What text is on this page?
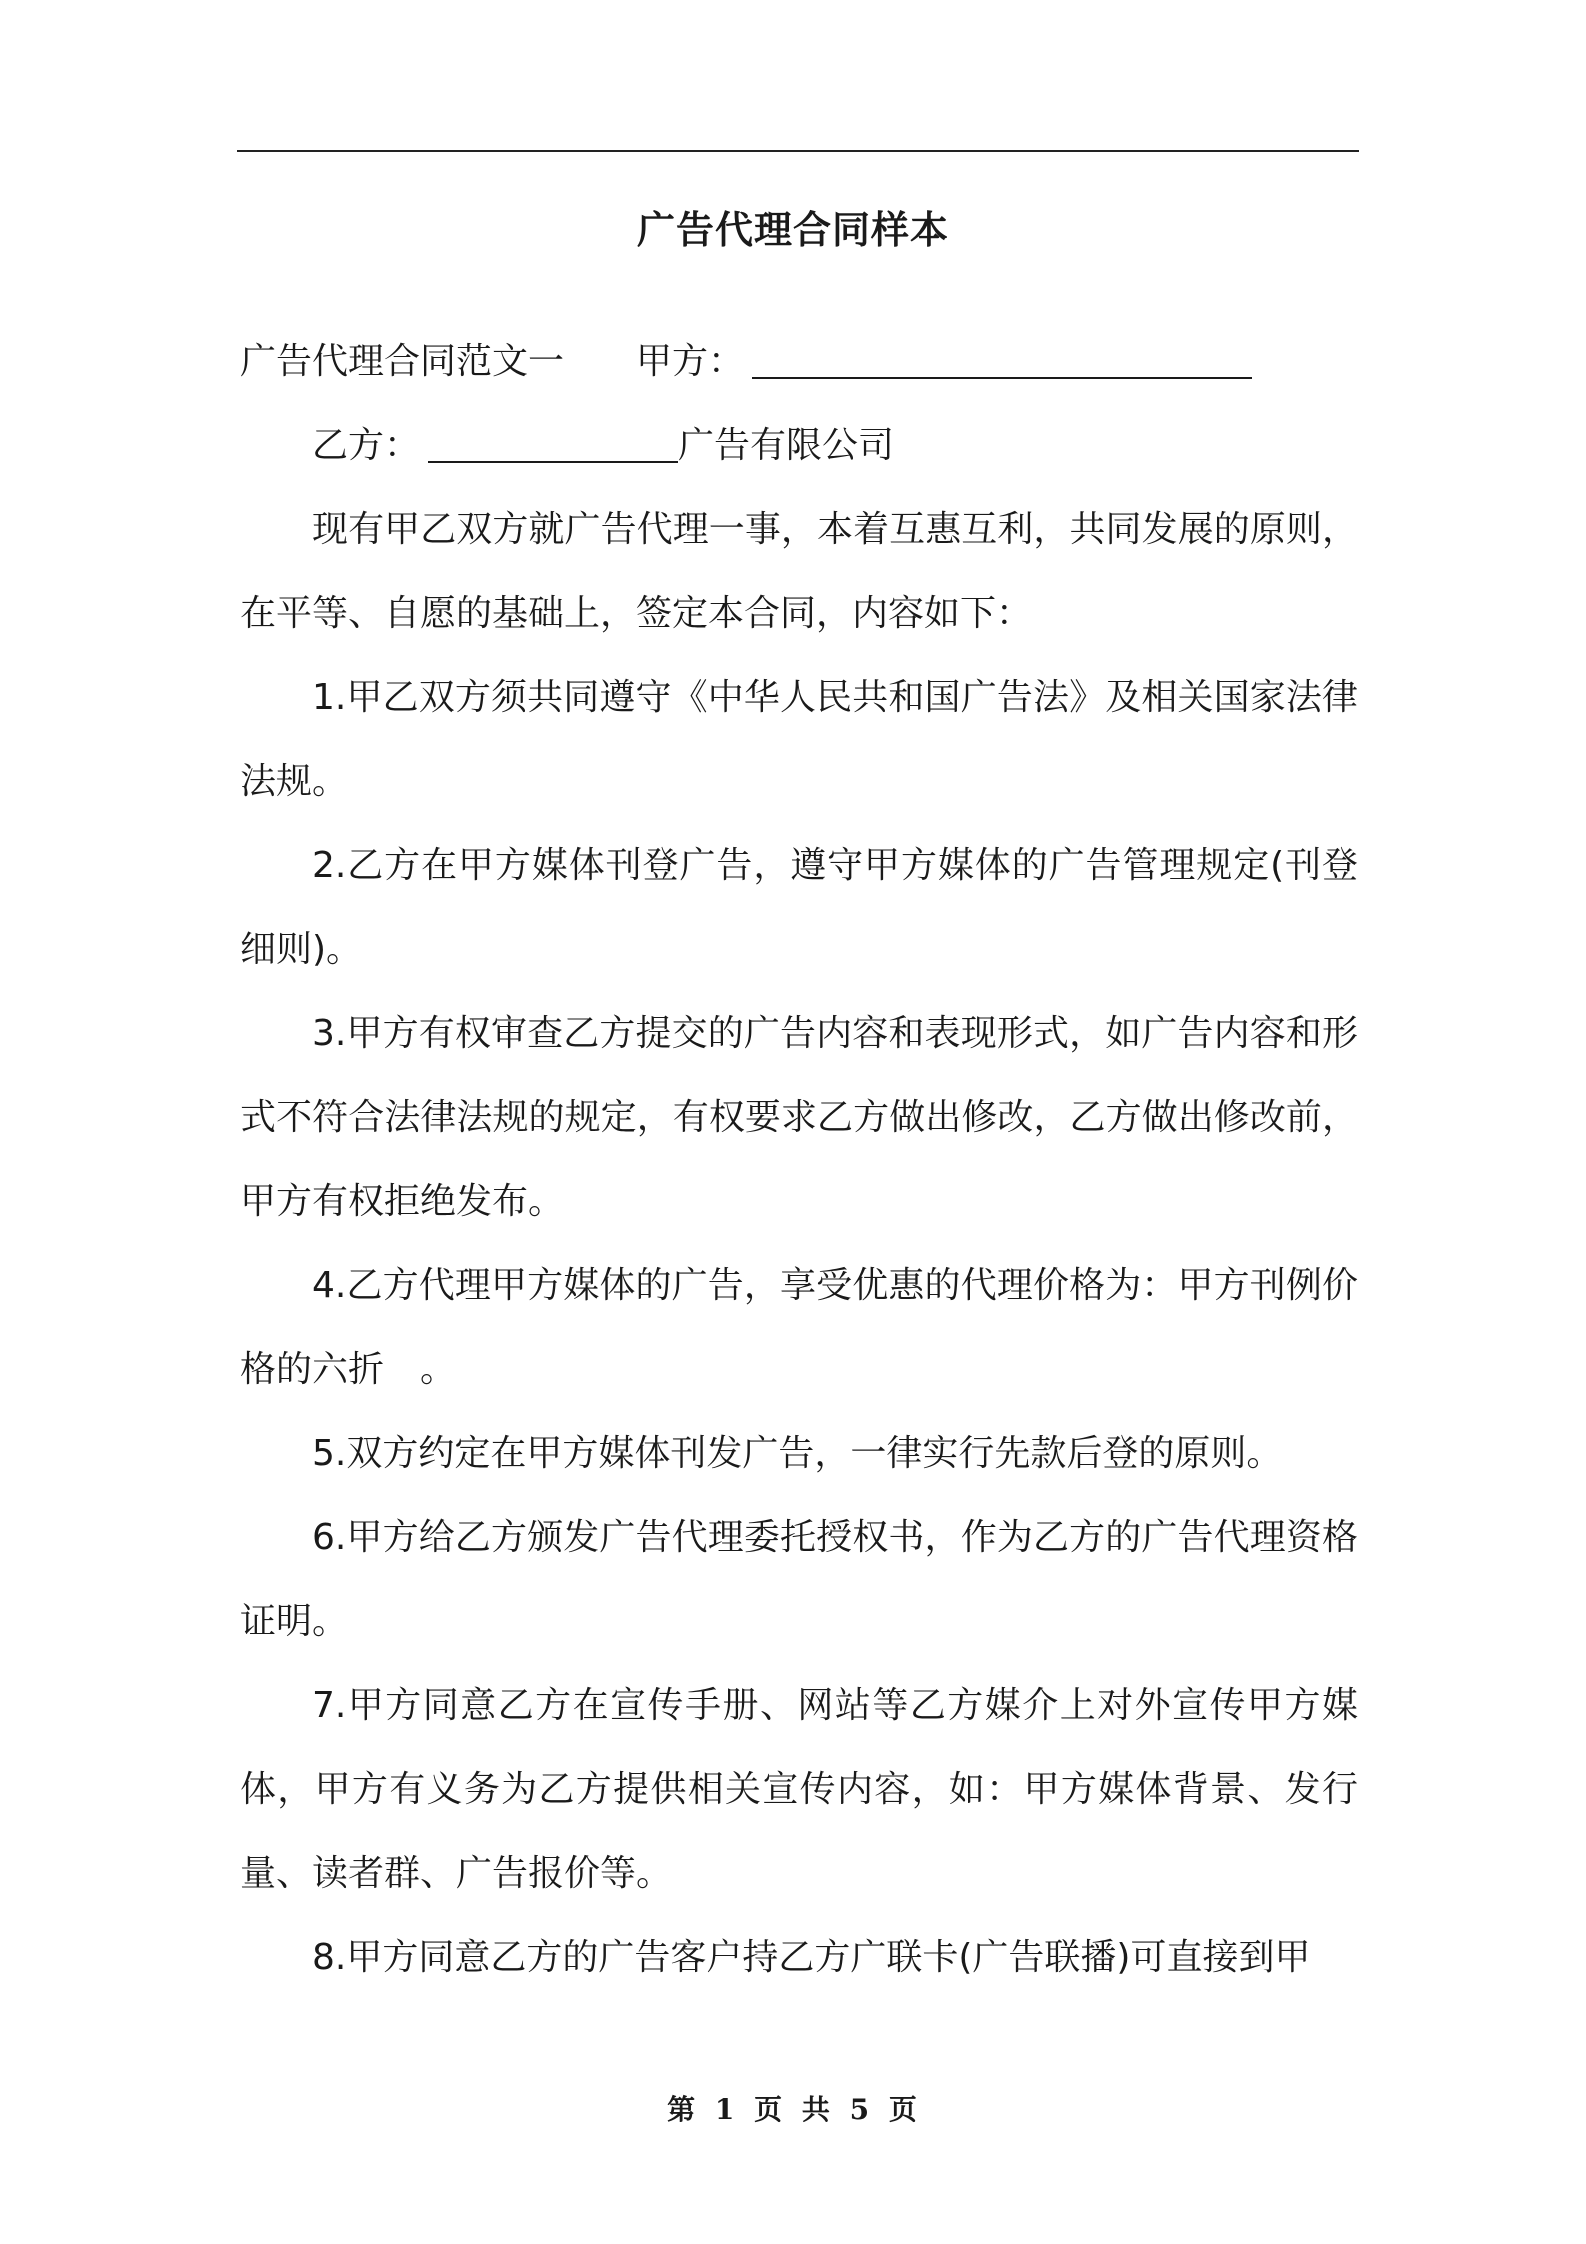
广告代理合同样本

广告代理合同范文一 甲方：

乙方：	广告有限公司

现有甲乙双方就广告代理一事，本着互惠互利，共同发展的原则，在平等、自愿的基础上，签定本合同，内容如下：

1.甲乙双方须共同遵守《中华人民共和国广告法》及相关国家法律法规。

2.乙方在甲方媒体刊登广告，遵守甲方媒体的广告管理规定(刊登细则)。

3.甲方有权审查乙方提交的广告内容和表现形式，如广告内容和形式不符合法律法规的规定，有权要求乙方做出修改，乙方做出修改前，甲方有权拒绝发布。

4.乙方代理甲方媒体的广告，享受优惠的代理价格为：甲方刊例价格的六折　。

5.双方约定在甲方媒体刊发广告，一律实行先款后登的原则。

6.甲方给乙方颁发广告代理委托授权书，作为乙方的广告代理资格证明。

7.甲方同意乙方在宣传手册、网站等乙方媒介上对外宣传甲方媒体，甲方有义务为乙方提供相关宣传内容，如：甲方媒体背景、发行量、读者群、广告报价等。

8.甲方同意乙方的广告客户持乙方广联卡(广告联播)可直接到甲

第 1 页 共 5 页
